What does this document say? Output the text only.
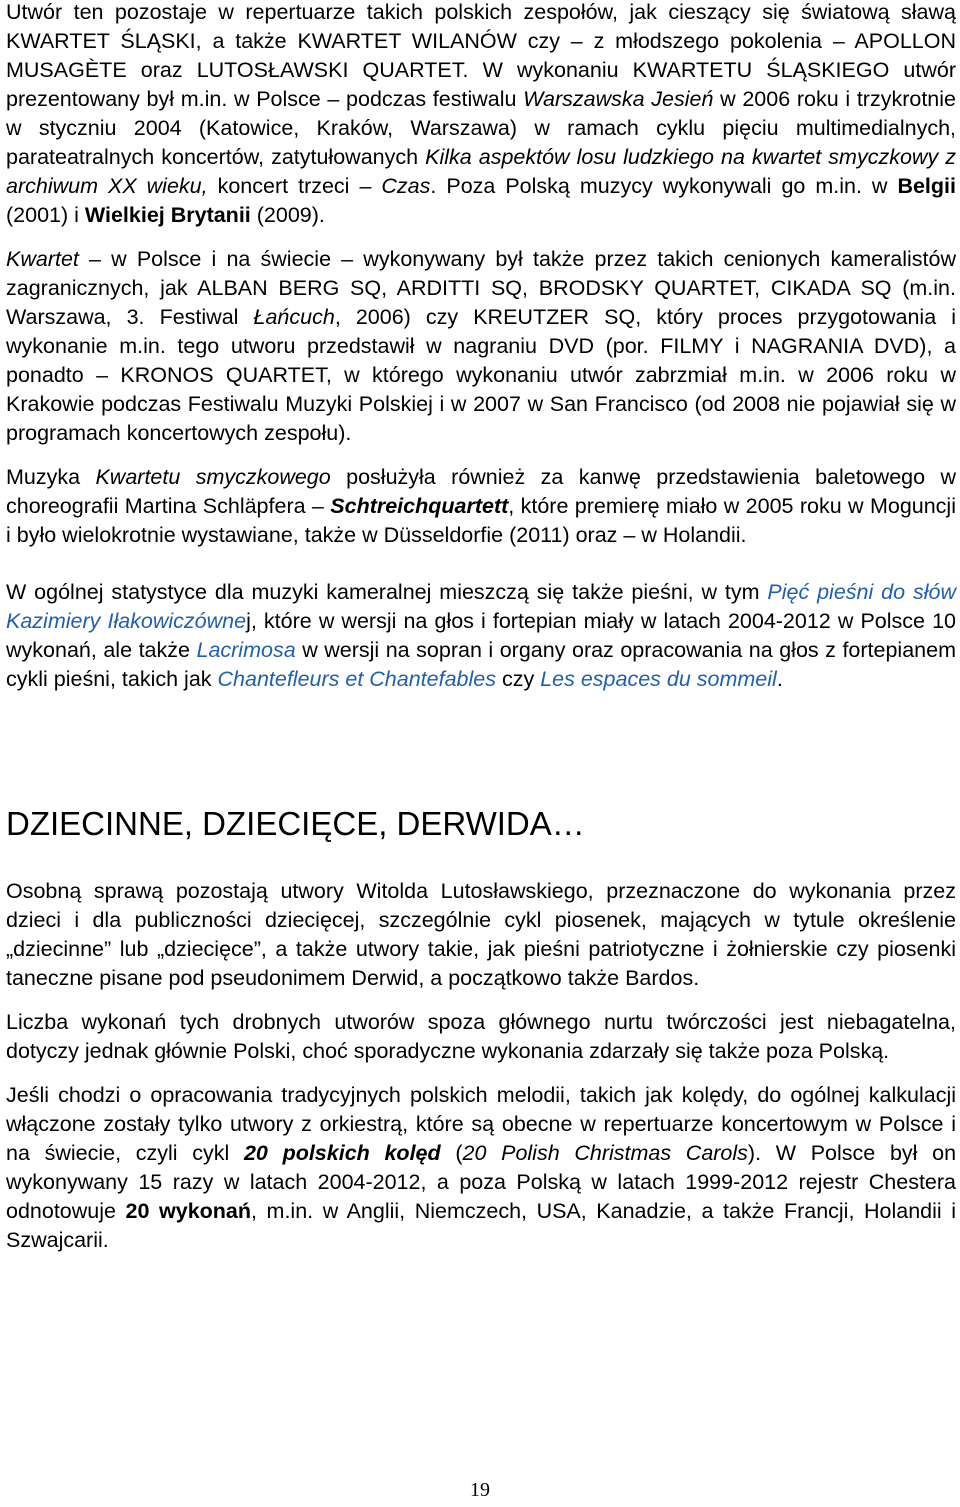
Utwór ten pozostaje w repertuarze takich polskich zespołów, jak cieszący się światową sławą KWARTET ŚLĄSKI, a także KWARTET WILANÓW czy – z młodszego pokolenia – APOLLON MUSAGÈTE oraz LUTOSŁAWSKI QUARTET. W wykonaniu KWARTETU ŚLĄSKIEGO utwór prezentowany był m.in. w Polsce – podczas festiwalu Warszawska Jesień w 2006 roku i trzykrotnie w styczniu 2004 (Katowice, Kraków, Warszawa) w ramach cyklu pięciu multimedialnych, parateatralnych koncertów, zatytułowanych Kilka aspektów losu ludzkiego na kwartet smyczkowy z archiwum XX wieku, koncert trzeci – Czas. Poza Polską muzycy wykonywali go m.in. w Belgii (2001) i Wielkiej Brytanii (2009).

Kwartet – w Polsce i na świecie – wykonywany był także przez takich cenionych kameralistów zagranicznych, jak ALBAN BERG SQ, ARDITTI SQ, BRODSKY QUARTET, CIKADA SQ (m.in. Warszawa, 3. Festiwal Łańcuch, 2006) czy KREUTZER SQ, który proces przygotowania i wykonanie m.in. tego utworu przedstawił w nagraniu DVD (por. FILMY i NAGRANIA DVD), a ponadto – KRONOS QUARTET, w którego wykonaniu utwór zabrzmiał m.in. w 2006 roku w Krakowie podczas Festiwalu Muzyki Polskiej i w 2007 w San Francisco (od 2008 nie pojawiał się w programach koncertowych zespołu).

Muzyka Kwartetu smyczkowego posłużyła również za kanwę przedstawienia baletowego w choreografii Martina Schläpfera – Schtreichquartett, które premierę miało w 2005 roku w Moguncji i było wielokrotnie wystawiane, także w Düsseldorfie (2011) oraz – w Holandii.

W ogólnej statystyce dla muzyki kameralnej mieszczą się także pieśni, w tym Pięć pieśni do słów Kazimiery Iłakowiczównej, które w wersji na głos i fortepian miały w latach 2004-2012 w Polsce 10 wykonań, ale także Lacrimosa w wersji na sopran i organy oraz opracowania na głos z fortepianem cykli pieśni, takich jak Chantefleurs et Chantefables czy Les espaces du sommeil.

DZIECINNE, DZIECIĘCE, DERWIDA…

Osobną sprawą pozostają utwory Witolda Lutosławskiego, przeznaczone do wykonania przez dzieci i dla publiczności dziecięcej, szczególnie cykl piosenek, mających w tytule określenie „dziecinne” lub „dziecięce”, a także utwory takie, jak pieśni patriotyczne i żołnierskie czy piosenki taneczne pisane pod pseudonimem Derwid, a początkowo także Bardos.

Liczba wykonań tych drobnych utworów spoza głównego nurtu twórczości jest niebagatelna, dotyczy jednak głównie Polski, choć sporadyczne wykonania zdarzały się także poza Polską.

Jeśli chodzi o opracowania tradycyjnych polskich melodii, takich jak kolędy, do ogólnej kalkulacji włączone zostały tylko utwory z orkiestrą, które są obecne w repertuarze koncertowym w Polsce i na świecie, czyli cykl 20 polskich kolęd (20 Polish Christmas Carols). W Polsce był on wykonywany 15 razy w latach 2004-2012, a poza Polską w latach 1999-2012 rejestr Chestera odnotowuje 20 wykonań, m.in. w Anglii, Niemczech, USA, Kanadzie, a także Francji, Holandii i Szwajcarii.

19
